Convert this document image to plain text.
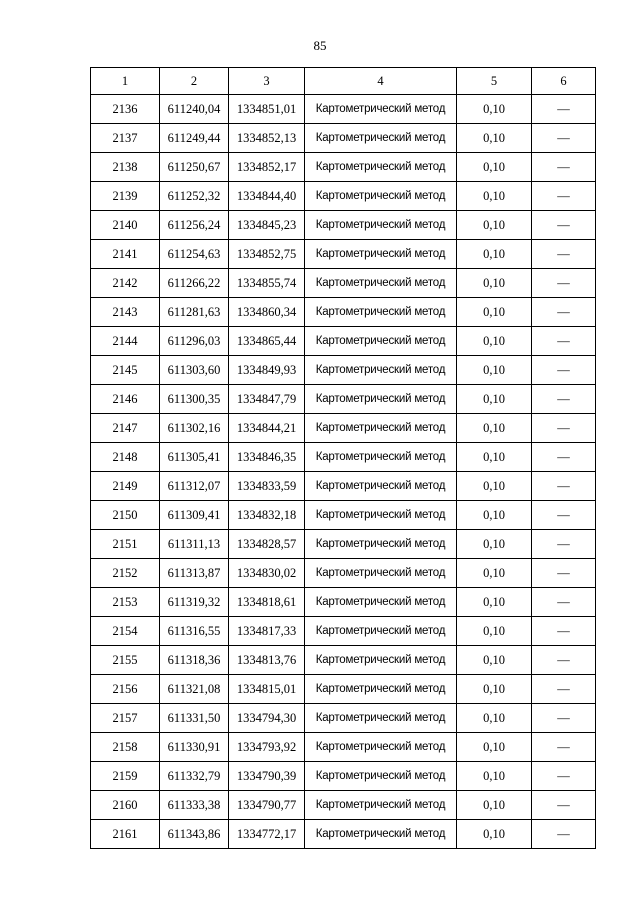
85
1	2	3	4	5	6
2136	611240,04	1334851,01	Картометрический метод	0,10	—
2137	611249,44	1334852,13	Картометрический метод	0,10	—
2138	611250,67	1334852,17	Картометрический метод	0,10	—
2139	611252,32	1334844,40	Картометрический метод	0,10	—
2140	611256,24	1334845,23	Картометрический метод	0,10	—
2141	611254,63	1334852,75	Картометрический метод	0,10	—
2142	611266,22	1334855,74	Картометрический метод	0,10	—
2143	611281,63	1334860,34	Картометрический метод	0,10	—
2144	611296,03	1334865,44	Картометрический метод	0,10	—
2145	611303,60	1334849,93	Картометрический метод	0,10	—
2146	611300,35	1334847,79	Картометрический метод	0,10	—
2147	611302,16	1334844,21	Картометрический метод	0,10	—
2148	611305,41	1334846,35	Картометрический метод	0,10	—
2149	611312,07	1334833,59	Картометрический метод	0,10	—
2150	611309,41	1334832,18	Картометрический метод	0,10	—
2151	611311,13	1334828,57	Картометрический метод	0,10	—
2152	611313,87	1334830,02	Картометрический метод	0,10	—
2153	611319,32	1334818,61	Картометрический метод	0,10	—
2154	611316,55	1334817,33	Картометрический метод	0,10	—
2155	611318,36	1334813,76	Картометрический метод	0,10	—
2156	611321,08	1334815,01	Картометрический метод	0,10	—
2157	611331,50	1334794,30	Картометрический метод	0,10	—
2158	611330,91	1334793,92	Картометрический метод	0,10	—
2159	611332,79	1334790,39	Картометрический метод	0,10	—
2160	611333,38	1334790,77	Картометрический метод	0,10	—
2161	611343,86	1334772,17	Картометрический метод	0,10	—
